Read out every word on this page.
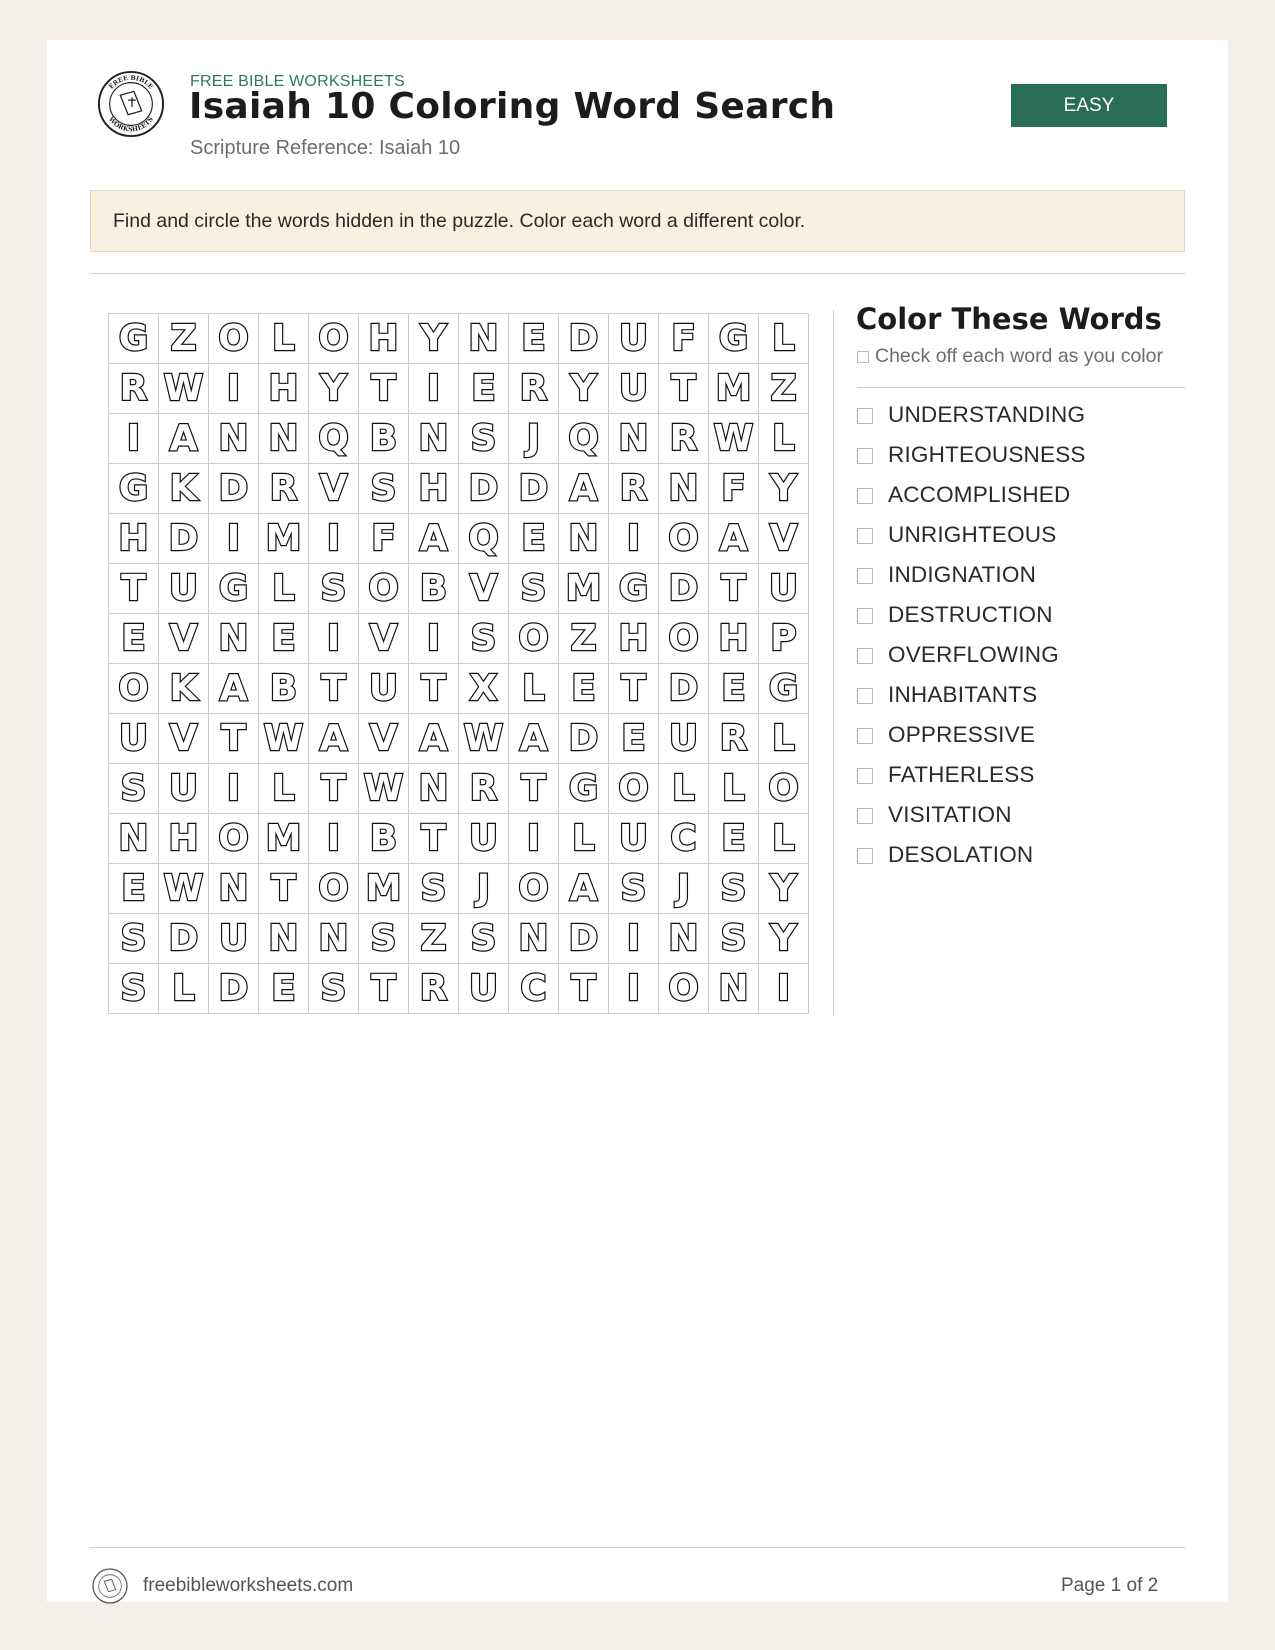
FREE BIBLE
WORKSHEETS
FREE BIBLE WORKSHEETS
Isaiah 10 Coloring Word Search
Scripture Reference: Isaiah 10
EASY
Find and circle the words hidden in the puzzle. Color each word a different color.
G Z O L O H Y N E D U F G L
R W I H Y T I E R Y U T M Z
I A N N Q B N S J Q N R W L
G K D R V S H D D A R N F Y
H D I M I F A Q E N I O A V
T U G L S O B V S M G D T U
E V N E I V I S O Z H O H P
O K A B T U T X L E T D E G
U V T W A V A W A D E U R L
S U I L T W N R T G O L L O
N H O M I B T U I L U C E L
E W N T O M S J O A S J S Y
S D U N N S Z S N D I N S Y
S L D E S T R U C T I O N I
Color These Words
Check off each word as you color
UNDERSTANDING
RIGHTEOUSNESS
ACCOMPLISHED
UNRIGHTEOUS
INDIGNATION
DESTRUCTION
OVERFLOWING
INHABITANTS
OPPRESSIVE
FATHERLESS
VISITATION
DESOLATION
freebibleworksheets.com	Page 1 of 2
